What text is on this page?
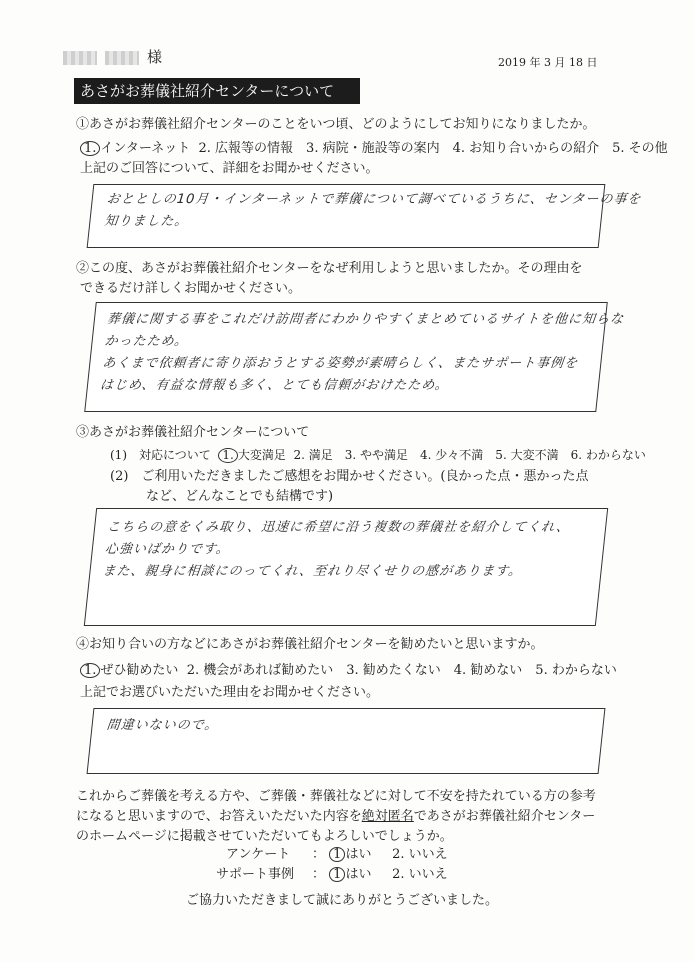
様	2019 年 3 月 18 日
あさがお葬儀社紹介センターについて
①あさがお葬儀社紹介センターのことをいつ頃、どのようにしてお知りになりましたか。
1. インターネット 2. 広報等の情報　3. 病院・施設等の案内　4. お知り合いからの紹介　5. その他
上記のご回答について、詳細をお聞かせください。
おととしの10月・インターネットで葬儀について調べているうちに、センターの事を
知りました。
②この度、あさがお葬儀社紹介センターをなぜ利用しようと思いましたか。その理由を
できるだけ詳しくお聞かせください。
葬儀に関する事をこれだけ訪問者にわかりやすくまとめているサイトを他に知らな
かったため。
あくまで依頼者に寄り添おうとする姿勢が素晴らしく、またサポート事例を
はじめ、有益な情報も多く、とても信頼がおけたため。
③あさがお葬儀社紹介センターについて
(1)　対応について 1. 大変満足 2. 満足　3. やや満足　4. 少々不満　5. 大変不満　6. わからない
(2)　ご利用いただきましたご感想をお聞かせください。(良かった点・悪かった点
など、どんなことでも結構です)
こちらの意をくみ取り、迅速に希望に沿う複数の葬儀社を紹介してくれ、
心強いばかりです。
また、親身に相談にのってくれ、至れり尽くせりの感があります。
④お知り合いの方などにあさがお葬儀社紹介センターを勧めたいと思いますか。
1. ぜひ勧めたい 2. 機会があれば勧めたい　3. 勧めたくない　4. 勧めない　5. わからない
上記でお選びいただいた理由をお聞かせください。
間違いないので。
これからご葬儀を考える方や、ご葬儀・葬儀社などに対して不安を持たれている方の参考
になると思いますので、お答えいただいた内容を絶対匿名であさがお葬儀社紹介センター
のホームページに掲載させていただいてもよろしいでしょうか。
アンケート ： 1 はい 2. いいえ
サポート事例 ： 1 はい 2. いいえ
ご協力いただきまして誠にありがとうございました。
